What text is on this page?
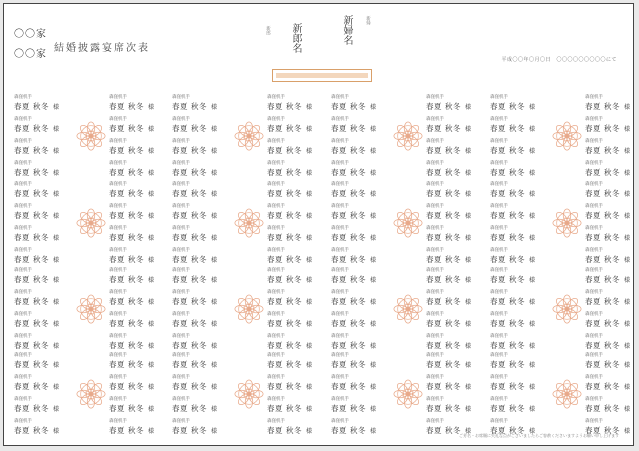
〇〇家
〇〇家
結婚披露宴席次表
新郎 新郎名
新婦
新婦名
平成〇〇年〇月〇日　〇〇〇〇〇〇〇〇〇にて
森窪机手
春夏 秋冬 様
森窪机手
春夏 秋冬 様
森窪机手
春夏 秋冬 様
森窪机手
春夏 秋冬 様
森窪机手
春夏 秋冬 様
森窪机手
春夏 秋冬 様
森窪机手
春夏 秋冬 様
森窪机手
春夏 秋冬 様
森窪机手
春夏 秋冬 様
森窪机手
春夏 秋冬 様
森窪机手
春夏 秋冬 様
森窪机手
春夏 秋冬 様
森窪机手
春夏 秋冬 様
森窪机手
春夏 秋冬 様
森窪机手
春夏 秋冬 様
森窪机手
春夏 秋冬 様
森窪机手
春夏 秋冬 様
森窪机手
春夏 秋冬 様
森窪机手
春夏 秋冬 様
森窪机手
春夏 秋冬 様
森窪机手
春夏 秋冬 様
森窪机手
春夏 秋冬 様
森窪机手
春夏 秋冬 様
森窪机手
春夏 秋冬 様
森窪机手
春夏 秋冬 様
森窪机手
春夏 秋冬 様
森窪机手
春夏 秋冬 様
森窪机手
春夏 秋冬 様
森窪机手
春夏 秋冬 様
森窪机手
春夏 秋冬 様
森窪机手
春夏 秋冬 様
森窪机手
春夏 秋冬 様
森窪机手
春夏 秋冬 様
森窪机手
春夏 秋冬 様
森窪机手
春夏 秋冬 様
森窪机手
春夏 秋冬 様
森窪机手
春夏 秋冬 様
森窪机手
春夏 秋冬 様
森窪机手
春夏 秋冬 様
森窪机手
春夏 秋冬 様
森窪机手
春夏 秋冬 様
森窪机手
春夏 秋冬 様
森窪机手
春夏 秋冬 様
森窪机手
春夏 秋冬 様
森窪机手
春夏 秋冬 様
森窪机手
春夏 秋冬 様
森窪机手
春夏 秋冬 様
森窪机手
春夏 秋冬 様
森窪机手
春夏 秋冬 様
森窪机手
春夏 秋冬 様
森窪机手
春夏 秋冬 様
森窪机手
春夏 秋冬 様
森窪机手
春夏 秋冬 様
森窪机手
春夏 秋冬 様
森窪机手
春夏 秋冬 様
森窪机手
春夏 秋冬 様
森窪机手
春夏 秋冬 様
森窪机手
春夏 秋冬 様
森窪机手
春夏 秋冬 様
森窪机手
春夏 秋冬 様
森窪机手
春夏 秋冬 様
森窪机手
春夏 秋冬 様
森窪机手
春夏 秋冬 様
森窪机手
春夏 秋冬 様
森窪机手
春夏 秋冬 様
森窪机手
春夏 秋冬 様
森窪机手
春夏 秋冬 様
森窪机手
春夏 秋冬 様
森窪机手
春夏 秋冬 様
森窪机手
春夏 秋冬 様
森窪机手
春夏 秋冬 様
森窪机手
春夏 秋冬 様
森窪机手
春夏 秋冬 様
森窪机手
春夏 秋冬 様
森窪机手
春夏 秋冬 様
森窪机手
春夏 秋冬 様
森窪机手
春夏 秋冬 様
森窪机手
春夏 秋冬 様
森窪机手
春夏 秋冬 様
森窪机手
春夏 秋冬 様
森窪机手
春夏 秋冬 様
森窪机手
春夏 秋冬 様
森窪机手
春夏 秋冬 様
森窪机手
春夏 秋冬 様
森窪机手
春夏 秋冬 様
森窪机手
春夏 秋冬 様
森窪机手
春夏 秋冬 様
森窪机手
春夏 秋冬 様
森窪机手
春夏 秋冬 様
森窪机手
春夏 秋冬 様
森窪机手
春夏 秋冬 様
森窪机手
春夏 秋冬 様
森窪机手
春夏 秋冬 様
森窪机手
春夏 秋冬 様
森窪机手
春夏 秋冬 様
森窪机手
春夏 秋冬 様
森窪机手
春夏 秋冬 様
森窪机手
春夏 秋冬 様
森窪机手
春夏 秋冬 様
森窪机手
春夏 秋冬 様
森窪机手
春夏 秋冬 様
森窪机手
春夏 秋冬 様
森窪机手
春夏 秋冬 様
森窪机手
春夏 秋冬 様
森窪机手
春夏 秋冬 様
森窪机手
春夏 秋冬 様
森窪机手
春夏 秋冬 様
森窪机手
春夏 秋冬 様
森窪机手
春夏 秋冬 様
森窪机手
春夏 秋冬 様
森窪机手
春夏 秋冬 様
森窪机手
春夏 秋冬 様
森窪机手
春夏 秋冬 様
森窪机手
春夏 秋冬 様
森窪机手
春夏 秋冬 様
森窪机手
春夏 秋冬 様
森窪机手
春夏 秋冬 様
森窪机手
春夏 秋冬 様
森窪机手
春夏 秋冬 様
森窪机手
春夏 秋冬 様
森窪机手
春夏 秋冬 様
森窪机手
春夏 秋冬 様
森窪机手
春夏 秋冬 様
森窪机手
春夏 秋冬 様
森窪机手
春夏 秋冬 様
森窪机手
春夏 秋冬 様
森窪机手
春夏 秋冬 様
森窪机手
春夏 秋冬 様
ご芳名・お席順に失礼な点がございましたらご容赦くださいますようお願い申し上げます
